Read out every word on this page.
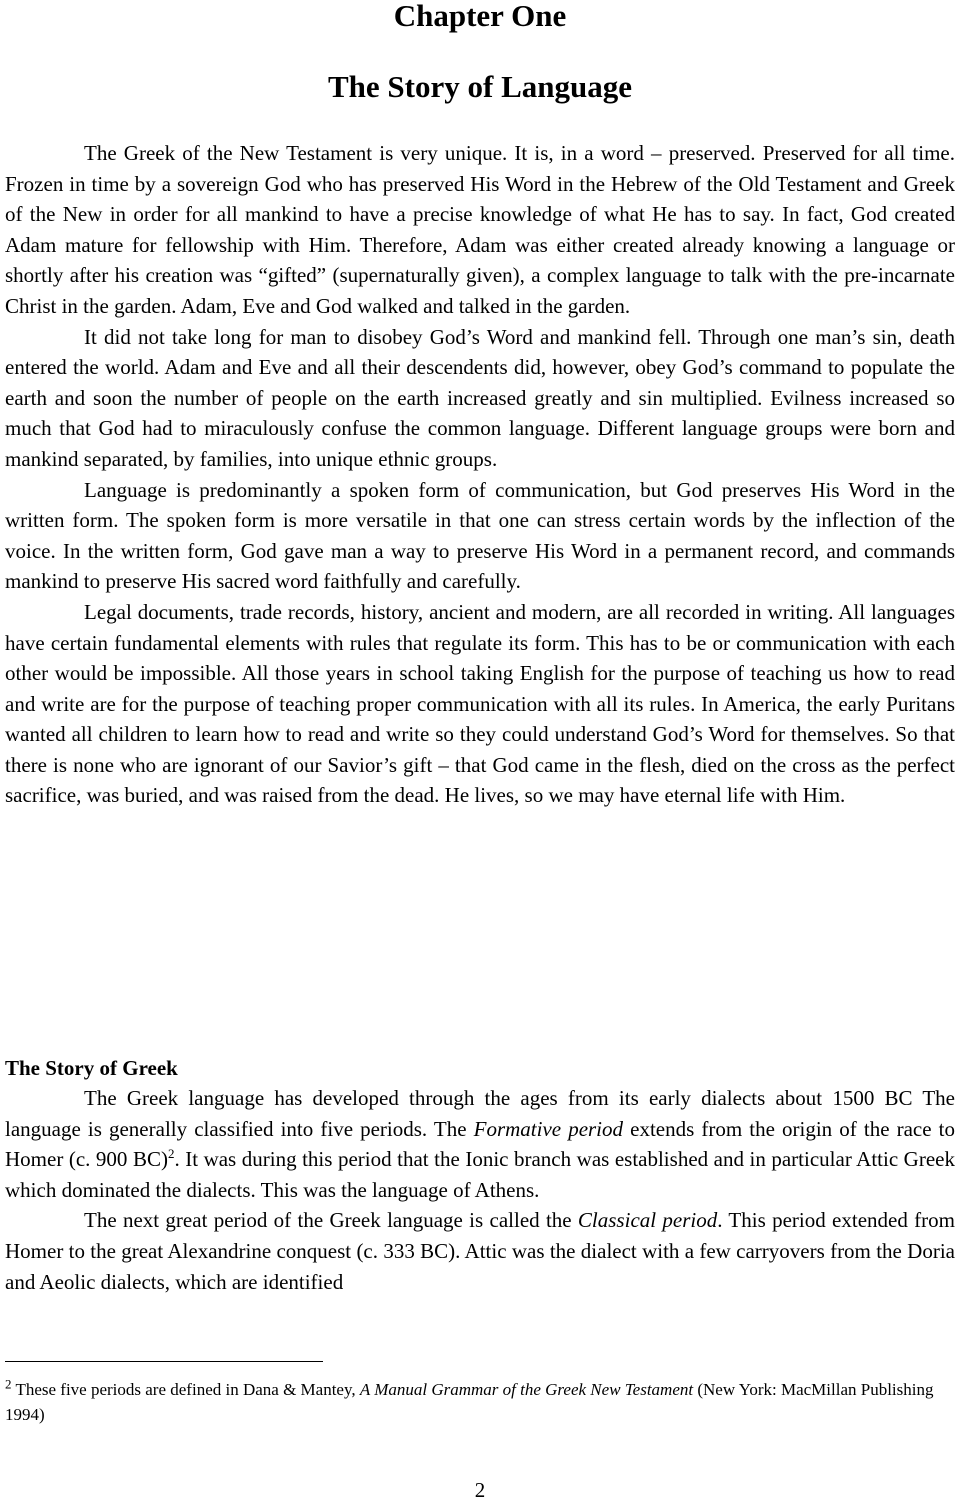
Chapter One
The Story of Language

The Greek of the New Testament is very unique. It is, in a word – preserved. Preserved for all time. Frozen in time by a sovereign God who has preserved His Word in the Hebrew of the Old Testament and Greek of the New in order for all mankind to have a precise knowledge of what He has to say. In fact, God created Adam mature for fellowship with Him. Therefore, Adam was either created already knowing a language or shortly after his creation was “gifted” (supernaturally given), a complex language to talk with the pre-incarnate Christ in the garden. Adam, Eve and God walked and talked in the garden.

It did not take long for man to disobey God’s Word and mankind fell. Through one man’s sin, death entered the world. Adam and Eve and all their descendents did, however, obey God’s command to populate the earth and soon the number of people on the earth increased greatly and sin multiplied. Evilness increased so much that God had to miraculously confuse the common language. Different language groups were born and mankind separated, by families, into unique ethnic groups.

Language is predominantly a spoken form of communication, but God preserves His Word in the written form. The spoken form is more versatile in that one can stress certain words by the inflection of the voice. In the written form, God gave man a way to preserve His Word in a permanent record, and commands mankind to preserve His sacred word faithfully and carefully.

Legal documents, trade records, history, ancient and modern, are all recorded in writing. All languages have certain fundamental elements with rules that regulate its form. This has to be or communication with each other would be impossible. All those years in school taking English for the purpose of teaching us how to read and write are for the purpose of teaching proper communication with all its rules. In America, the early Puritans wanted all children to learn how to read and write so they could understand God’s Word for themselves. So that there is none who are ignorant of our Savior’s gift – that God came in the flesh, died on the cross as the perfect sacrifice, was buried, and was raised from the dead. He lives, so we may have eternal life with Him.

The Story of Greek

The Greek language has developed through the ages from its early dialects about 1500 BC The language is generally classified into five periods. The Formative period extends from the origin of the race to Homer (c. 900 BC)$^2$. It was during this period that the Ionic branch was established and in particular Attic Greek which dominated the dialects. This was the language of Athens.

The next great period of the Greek language is called the Classical period. This period extended from Homer to the great Alexandrine conquest (c. 333 BC). Attic was the dialect with a few carryovers from the Doria and Aeolic dialects, which are identified

$^2$ These five periods are defined in Dana & Mantey, A Manual Grammar of the Greek New Testament (New York: MacMillan Publishing 1994)

2
